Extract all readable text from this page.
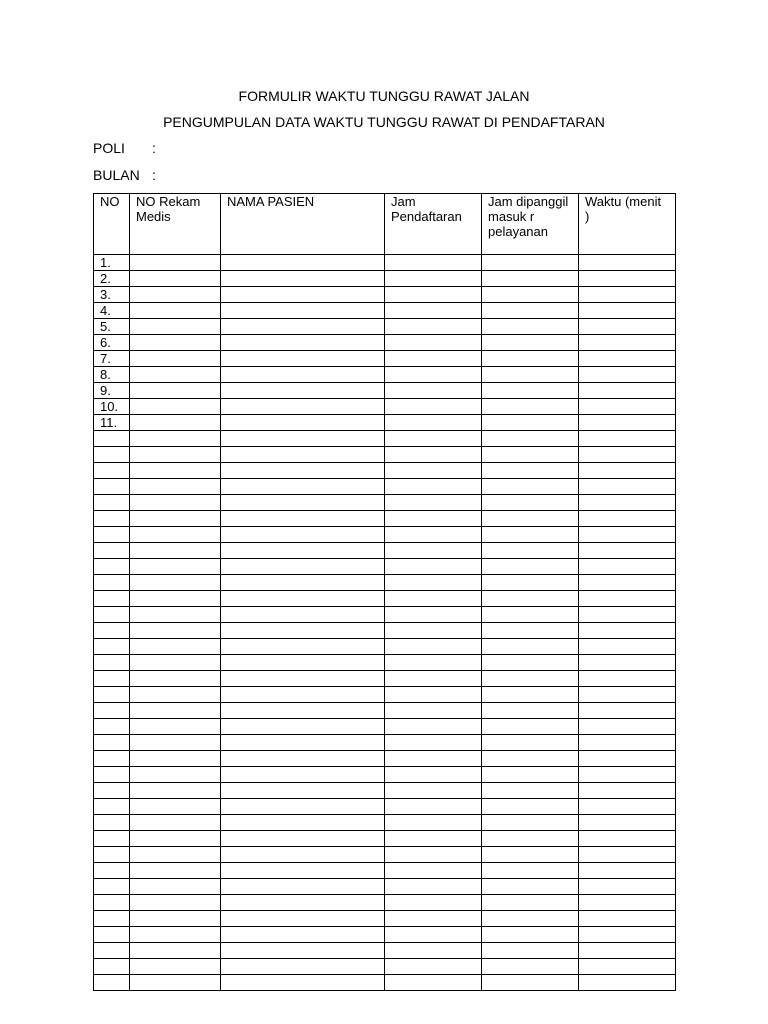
FORMULIR WAKTU TUNGGU RAWAT JALAN
PENGUMPULAN DATA WAKTU TUNGGU RAWAT DI PENDAFTARAN
POLI :
BULAN :
NO	NO Rekam Medis	NAMA PASIEN	Jam Pendaftaran	Jam dipanggil masuk r pelayanan	Waktu (menit )
1.					
2.					
3.					
4.					
5.					
6.					
7.					
8.					
9.					
10.					
11.					
